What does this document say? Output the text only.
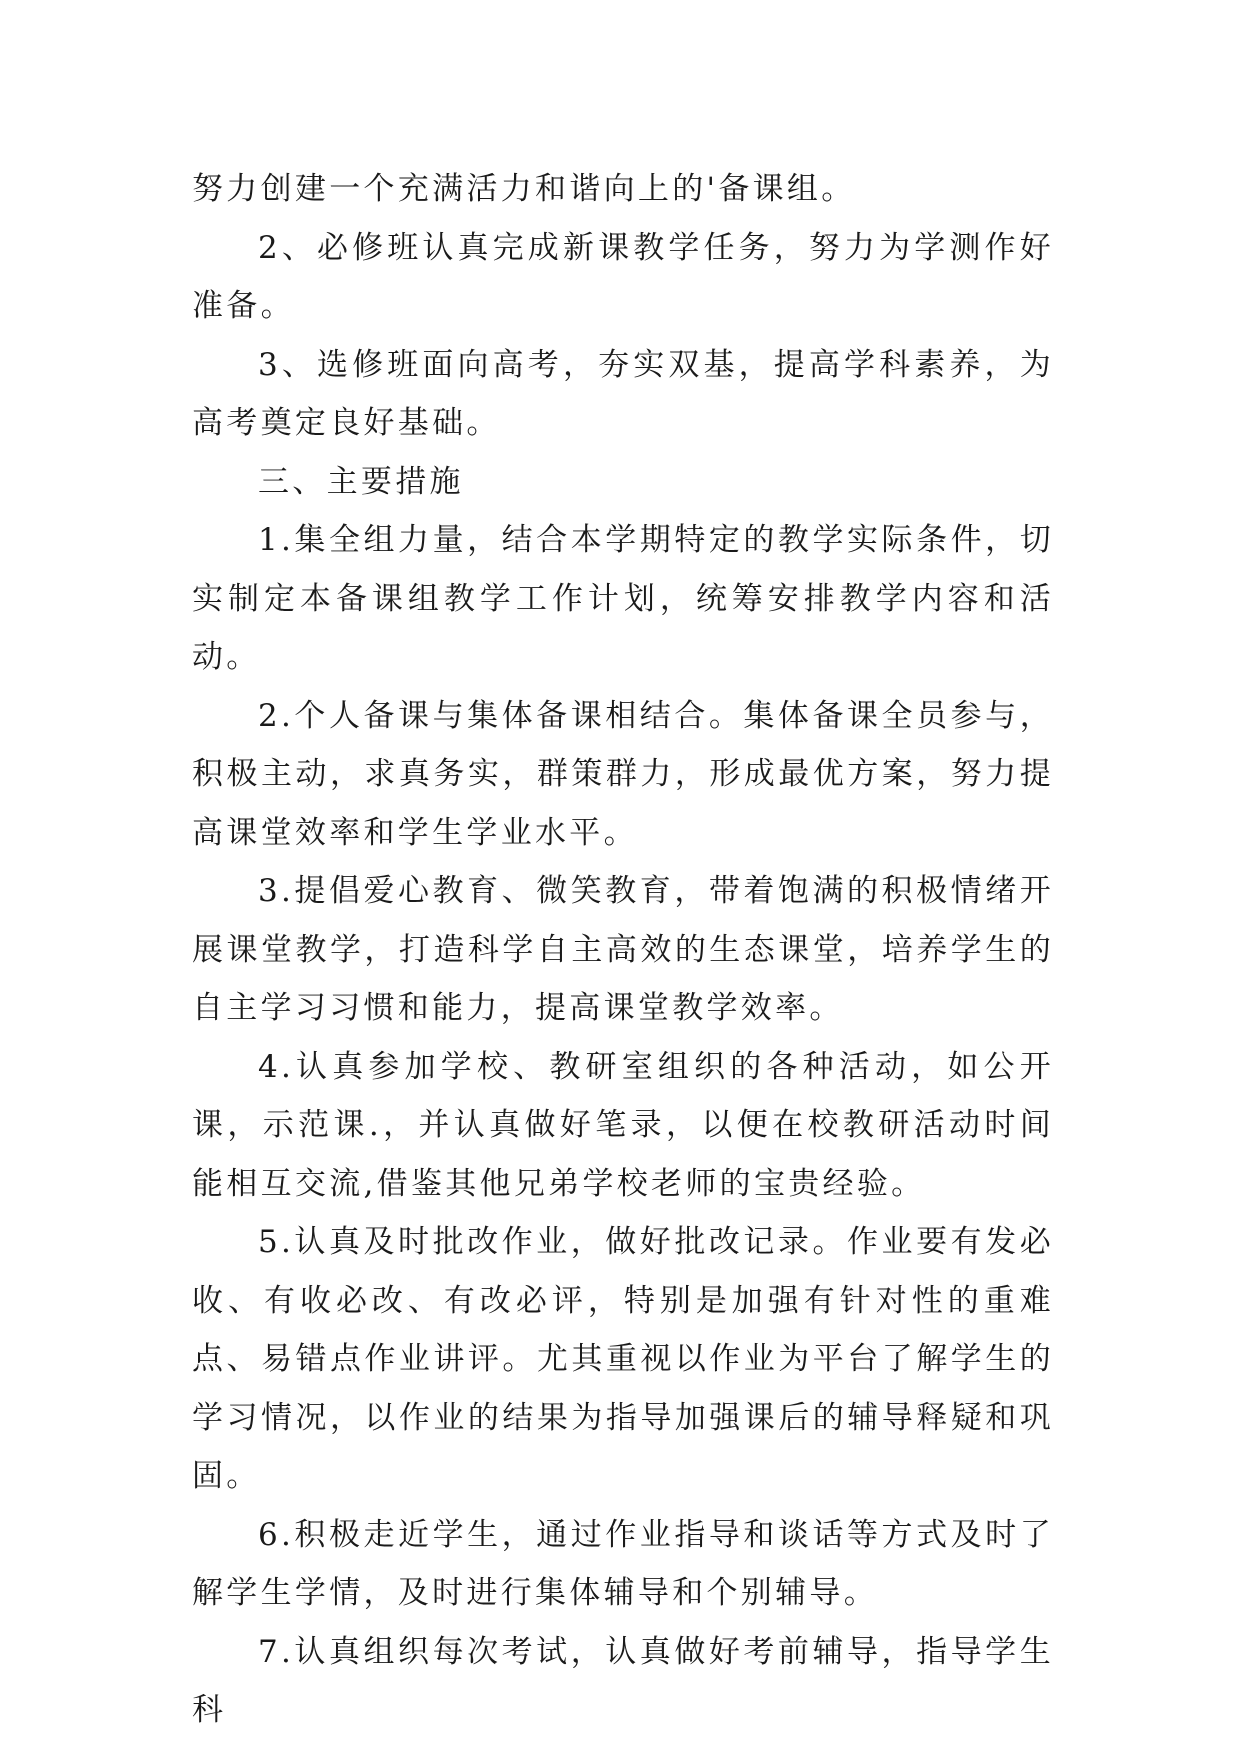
努力创建一个充满活力和谐向上的'备课组。

2、必修班认真完成新课教学任务，努力为学测作好准备。

3、选修班面向高考，夯实双基，提高学科素养，为高考奠定良好基础。

三、主要措施

1.集全组力量，结合本学期特定的教学实际条件，切实制定本备课组教学工作计划，统筹安排教学内容和活动。

2.个人备课与集体备课相结合。集体备课全员参与，积极主动，求真务实，群策群力，形成最优方案，努力提高课堂效率和学生学业水平。

3.提倡爱心教育、微笑教育，带着饱满的积极情绪开展课堂教学，打造科学自主高效的生态课堂，培养学生的自主学习习惯和能力，提高课堂教学效率。

4.认真参加学校、教研室组织的各种活动，如公开课，示范课.，并认真做好笔录，以便在校教研活动时间能相互交流,借鉴其他兄弟学校老师的宝贵经验。

5.认真及时批改作业，做好批改记录。作业要有发必收、有收必改、有改必评，特别是加强有针对性的重难点、易错点作业讲评。尤其重视以作业为平台了解学生的学习情况，以作业的结果为指导加强课后的辅导释疑和巩固。

6.积极走近学生，通过作业指导和谈话等方式及时了解学生学情，及时进行集体辅导和个别辅导。

7.认真组织每次考试，认真做好考前辅导，指导学生科
